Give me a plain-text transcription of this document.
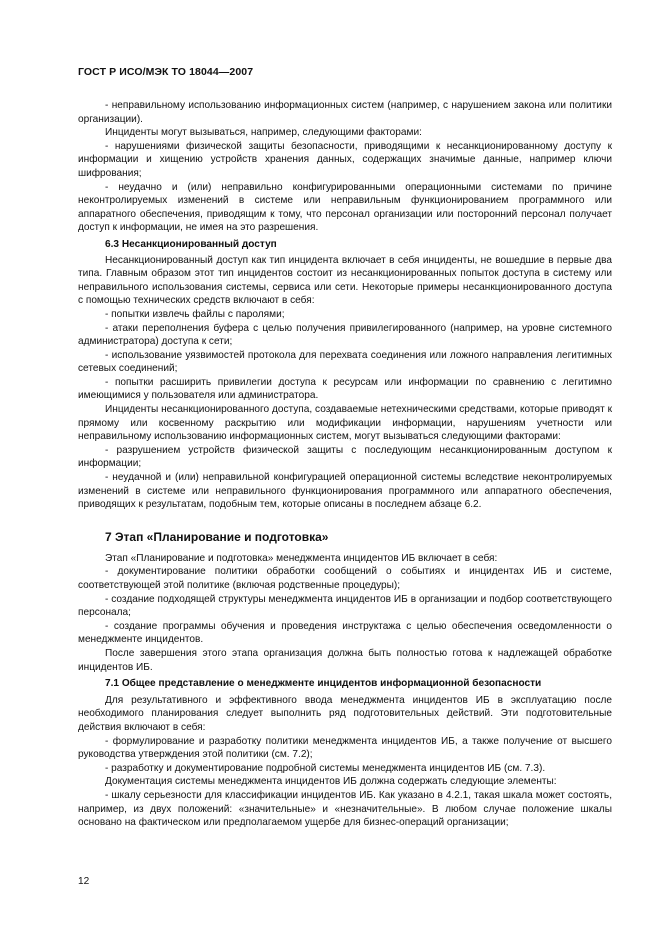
ГОСТ Р ИСО/МЭК ТО 18044—2007

- неправильному использованию информационных систем (например, с нарушением закона или политики организации).

Инциденты могут вызываться, например, следующими факторами:

- нарушениями физической защиты безопасности, приводящими к несанкционированному доступу к информации и хищению устройств хранения данных, содержащих значимые данные, например ключи шифрования;

- неудачно и (или) неправильно конфигурированными операционными системами по причине неконтролируемых изменений в системе или неправильным функционированием программного или аппаратного обеспечения, приводящим к тому, что персонал организации или посторонний персонал получает доступ к информации, не имея на это разрешения.

6.3 Несанкционированный доступ

Несанкционированный доступ как тип инцидента включает в себя инциденты, не вошедшие в первые два типа. Главным образом этот тип инцидентов состоит из несанкционированных попыток доступа в систему или неправильного использования системы, сервиса или сети. Некоторые примеры несанкционированного доступа с помощью технических средств включают в себя:

- попытки извлечь файлы с паролями;

- атаки переполнения буфера с целью получения привилегированного (например, на уровне системного администратора) доступа к сети;

- использование уязвимостей протокола для перехвата соединения или ложного направления легитимных сетевых соединений;

- попытки расширить привилегии доступа к ресурсам или информации по сравнению с легитимно имеющимися у пользователя или администратора.

Инциденты несанкционированного доступа, создаваемые нетехническими средствами, которые приводят к прямому или косвенному раскрытию или модификации информации, нарушениям учетности или неправильному использованию информационных систем, могут вызываться следующими факторами:

- разрушением устройств физической защиты с последующим несанкционированным доступом к информации;

- неудачной и (или) неправильной конфигурацией операционной системы вследствие неконтролируемых изменений в системе или неправильного функционирования программного или аппаратного обеспечения, приводящих к результатам, подобным тем, которые описаны в последнем абзаце 6.2.

7 Этап «Планирование и подготовка»

Этап «Планирование и подготовка» менеджмента инцидентов ИБ включает в себя:

- документирование политики обработки сообщений о событиях и инцидентах ИБ и системе, соответствующей этой политике (включая родственные процедуры);

- создание подходящей структуры менеджмента инцидентов ИБ в организации и подбор соответствующего персонала;

- создание программы обучения и проведения инструктажа с целью обеспечения осведомленности о менеджменте инцидентов.

После завершения этого этапа организация должна быть полностью готова к надлежащей обработке инцидентов ИБ.

7.1 Общее представление о менеджменте инцидентов информационной безопасности

Для результативного и эффективного ввода менеджмента инцидентов ИБ в эксплуатацию после необходимого планирования следует выполнить ряд подготовительных действий. Эти подготовительные действия включают в себя:

- формулирование и разработку политики менеджмента инцидентов ИБ, а также получение от высшего руководства утверждения этой политики (см. 7.2);

- разработку и документирование подробной системы менеджмента инцидентов ИБ (см. 7.3).

Документация системы менеджмента инцидентов ИБ должна содержать следующие элементы:

- шкалу серьезности для классификации инцидентов ИБ. Как указано в 4.2.1, такая шкала может состоять, например, из двух положений: «значительные» и «незначительные». В любом случае положение шкалы основано на фактическом или предполагаемом ущербе для бизнес-операций организации;

12
